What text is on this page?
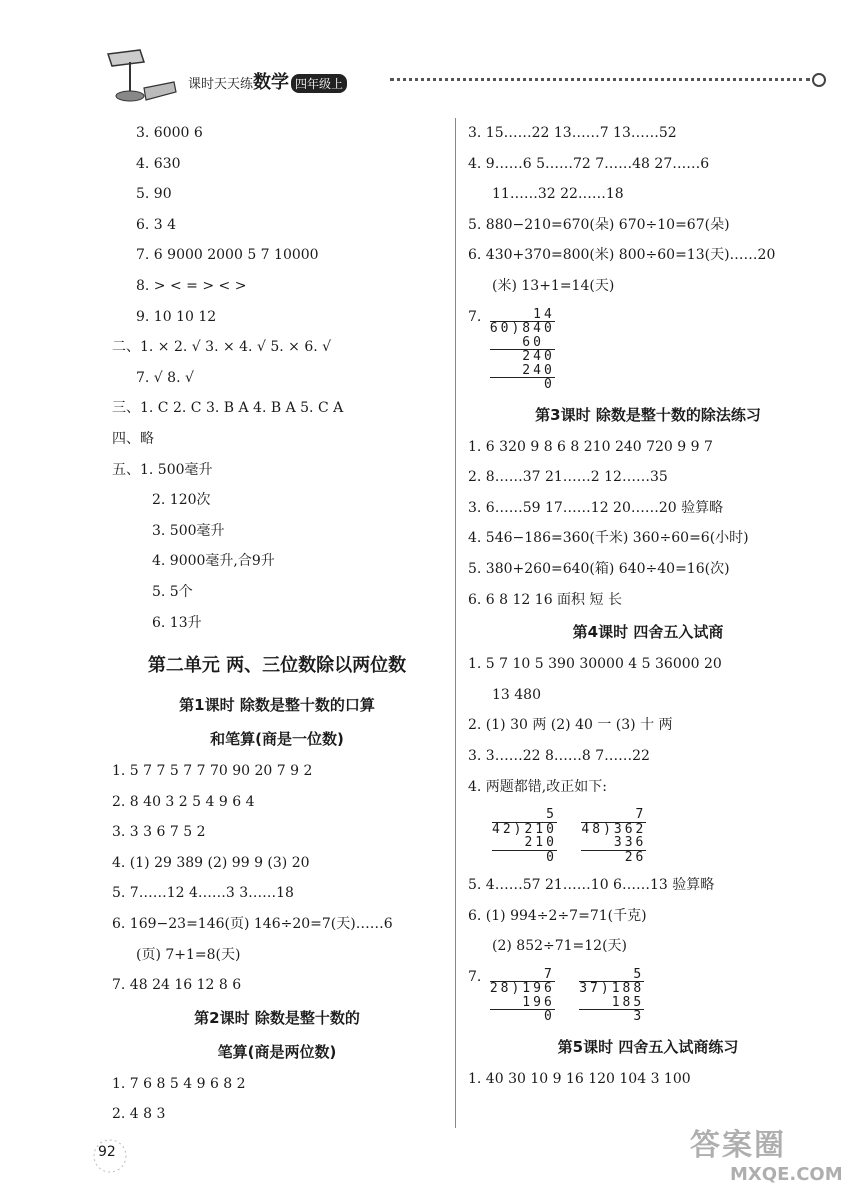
课时天天练数学 四年级上
3. 6000 6
4. 630
5. 90
6. 3 4
7. 6 9000 2000 5 7 10000
8. > < = > < >
9. 10 10 12
二、1. × 2. √ 3. × 4. √ 5. × 6. √
7. √ 8. √
三、1. C 2. C 3. B A 4. B A 5. C A
四、略
五、1. 500毫升
2. 120次
3. 500毫升
4. 9000毫升,合9升
5. 5个
6. 13升
第二单元 两、三位数除以两位数
第1课时 除数是整十数的口算
和笔算(商是一位数)
1. 5 7 7 5 7 7 70 90 20 7 9 2
2. 8 40 3 2 5 4 9 6 4
3. 3 3 6 7 5 2
4. (1) 29 389 (2) 99 9 (3) 20
5. 7……12 4……3 3……18
6. 169−23=146(页) 146÷20=7(天)……6
(页) 7+1=8(天)
7. 48 24 16 12 8 6
第2课时 除数是整十数的
笔算(商是两位数)
1. 7 6 8 5 4 9 6 8 2
2. 4 8 3
3. 15……22 13……7 13……52
4. 9……6 5……72 7……48 27……6
11……32 22……18
5. 880−210=670(朵) 670÷10=67(朵)
6. 430+370=800(米) 800÷60=13(天)……20
(米) 13+1=14(天)
7. 14
60)840
60
240
240
0
第3课时 除数是整十数的除法练习
1. 6 320 9 8 6 8 210 240 720 9 9 7
2. 8……37 21……2 12……35
3. 6……59 17……12 20……20 验算略
4. 546−186=360(千米) 360÷60=6(小时)
5. 380+260=640(箱) 640÷40=16(次)
6. 6 8 12 16 面积 短 长
第4课时 四舍五入试商
1. 5 7 10 5 390 30000 4 5 36000 20
13 480
2. (1) 30 两 (2) 40 一 (3) 十 两
3. 3……22 8……8 7……22
4. 两题都错,改正如下:
5
42)210
210
0

7
48)362
336
26
5. 4……57 21……10 6……13 验算略
6. (1) 994÷2÷7=71(千克)
(2) 852÷71=12(天)
7. 7
28)196
196
0

5
37)188
185
3
第5课时 四舍五入试商练习
1. 40 30 10 9 16 120 104 3 100
92	答案圈
MXQE.COM
